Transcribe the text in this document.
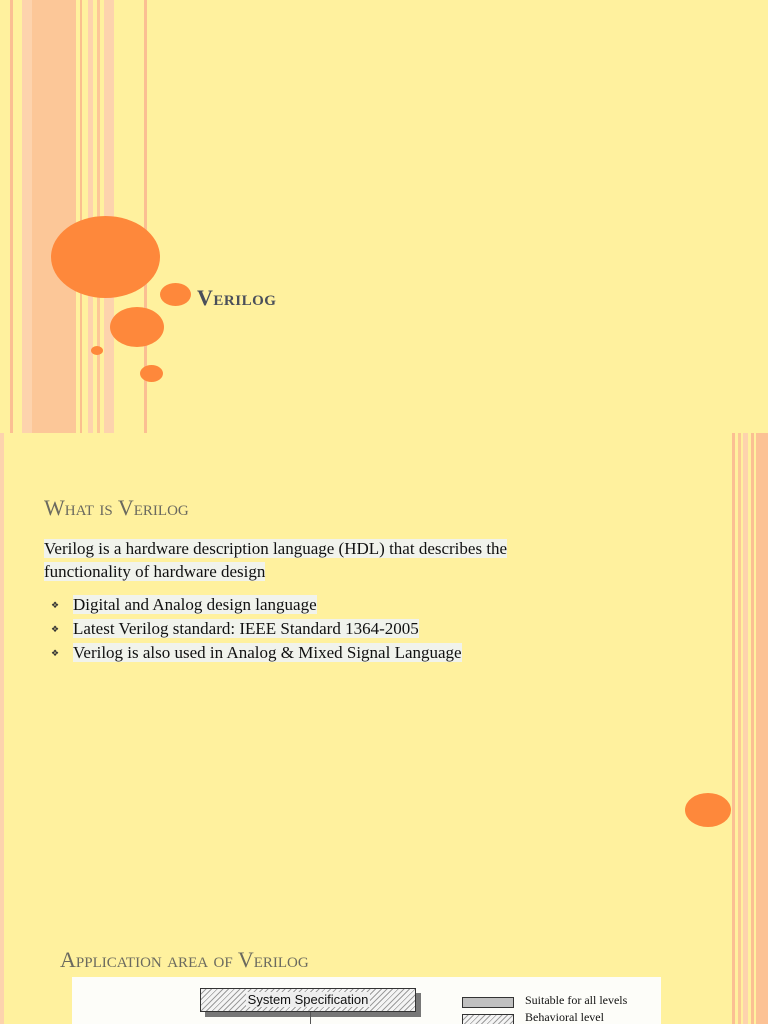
Verilog
What is Verilog

Verilog is a hardware description language (HDL) that describes the
functionality of hardware design

❖ Digital and Analog design language
❖ Latest Verilog standard: IEEE Standard 1364-2005
❖ Verilog is also used in Analog & Mixed Signal Language
Application area of Verilog
System Specification	Suitable for all levels
Behavioral level
